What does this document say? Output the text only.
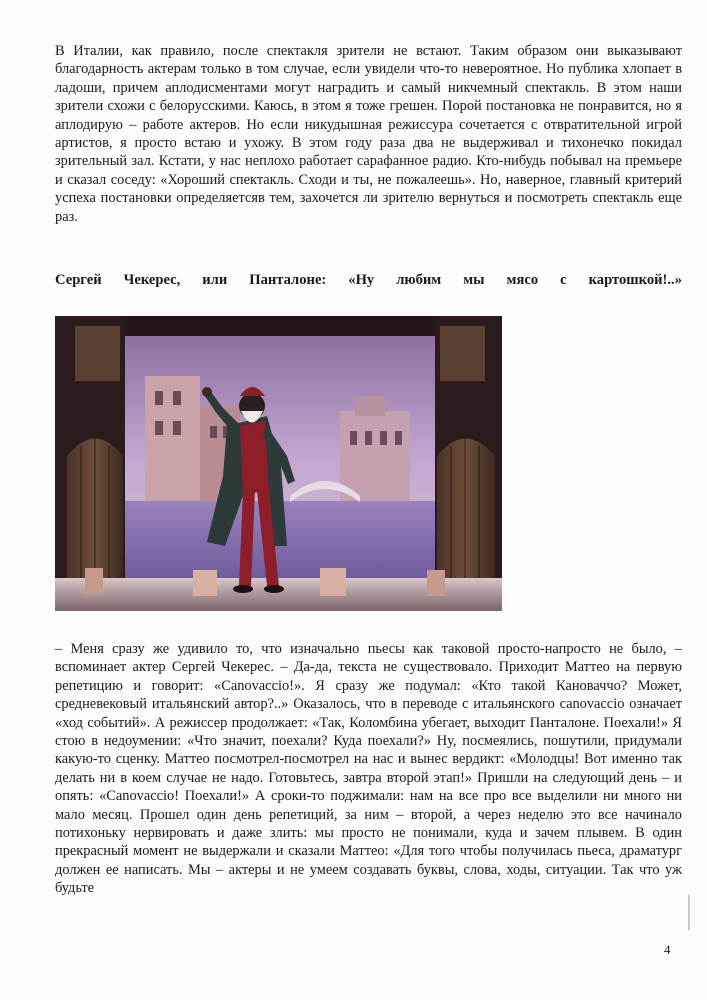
В Италии, как правило, после спектакля зрители не встают. Таким образом они выказывают благодарность актерам только в том случае, если увидели что-то невероятное. Но публика хлопает в ладоши, причем аплодисментами могут наградить и самый никчемный спектакль. В этом наши зрители схожи с белорусскими. Каюсь, в этом я тоже грешен. Порой постановка не понравится, но я аплодирую – работе актеров. Но если никудышная режиссура сочетается с отвратительной игрой артистов, я просто встаю и ухожу. В этом году раза два не выдерживал и тихонечко покидал зрительный зал. Кстати, у нас неплохо работает сарафанное радио. Кто-нибудь побывал на премьере и сказал соседу: «Хороший спектакль. Сходи и ты, не пожалеешь». Но, наверное, главный критерий успеха постановки определяетсяв тем, захочется ли зрителю вернуться и посмотреть спектакль еще раз.

Сергей Чекерес, или Панталоне: «Ну любим мы мясо с картошкой!..»

– Меня сразу же удивило то, что изначально пьесы как таковой просто-напросто не было, – вспоминает актер Сергей Чекерес. – Да-да, текста не существовало. Приходит Маттео на первую репетицию и говорит: «Canovaccio!». Я сразу же подумал: «Кто такой Кановаччо? Может, средневековый итальянский автор?..» Оказалось, что в переводе с итальянского canovaccio означает «ход событий». А режиссер продолжает: «Так, Коломбина убегает, выходит Панталоне. Поехали!» Я стою в недоумении: «Что значит, поехали? Куда поехали?» Ну, посмеялись, пошутили, придумали какую-то сценку. Маттео посмотрел-посмотрел на нас и вынес вердикт: «Молодцы! Вот именно так делать ни в коем случае не надо. Готовьтесь, завтра второй этап!» Пришли на следующий день – и опять: «Canovaccio! Поехали!» А сроки-то поджимали: нам на все про все выделили ни много ни мало месяц. Прошел один день репетиций, за ним – второй, а через неделю это все начинало потихоньку нервировать и даже злить: мы просто не понимали, куда и зачем плывем. В один прекрасный момент не выдержали и сказали Маттео: «Для того чтобы получилась пьеса, драматург должен ее написать. Мы – актеры и не умеем создавать буквы, слова, ходы, ситуации. Так что уж будьте

4
